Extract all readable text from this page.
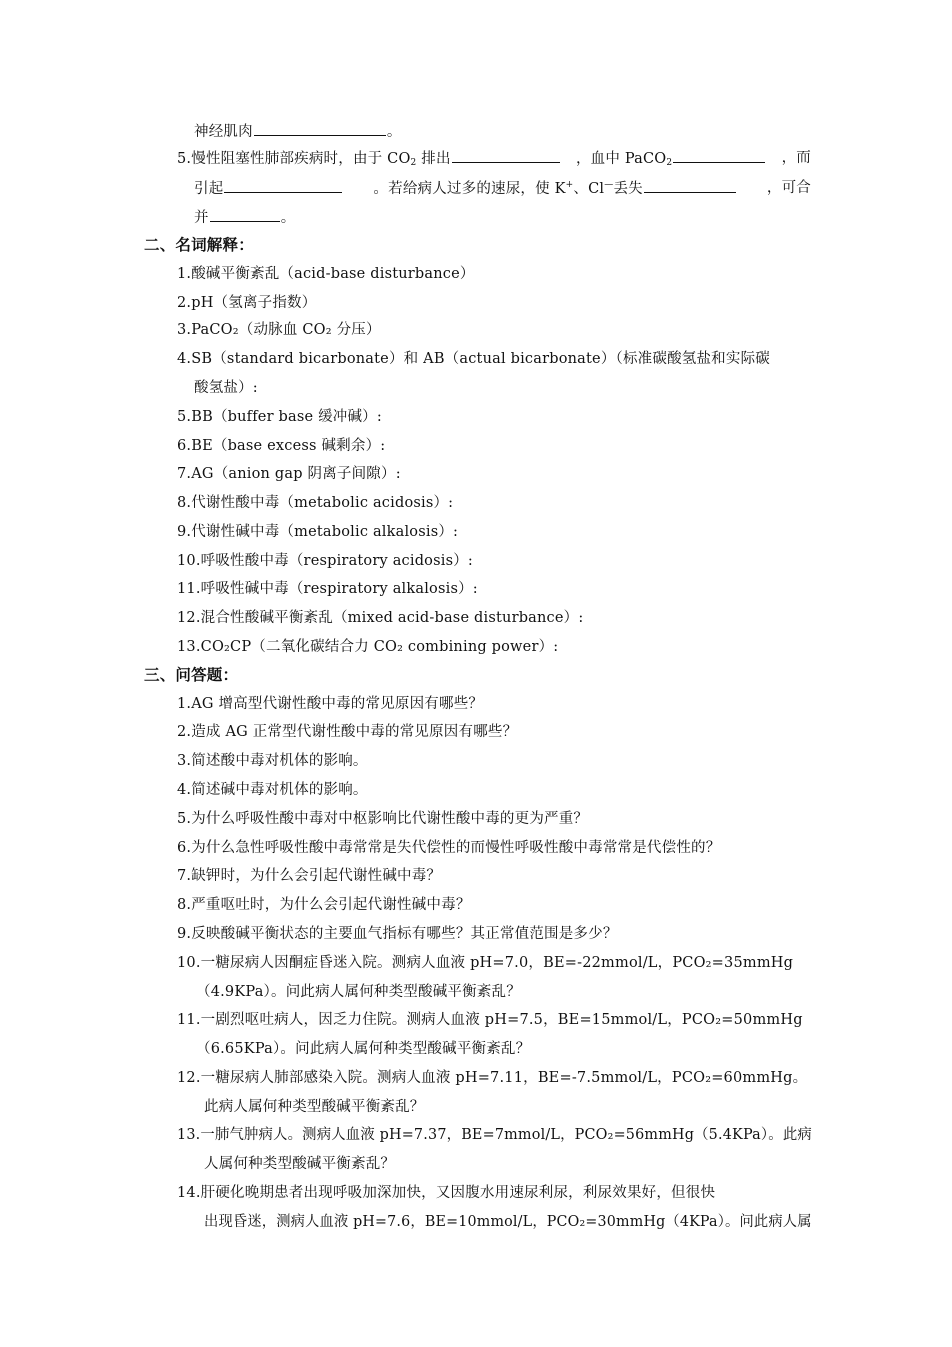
神经肌肉	。
5.慢性阻塞性肺部疾病时，由于 $CO_2$ 排出	，血中 PaCO$_2$	，而
引起	。若给病人过多的速尿，使 K+、Cl—丢失	，可合
并	。
二、名词解释：
1.酸碱平衡紊乱（acid-base disturbance）
2.pH（氢离子指数）
3.PaCO₂（动脉血 CO₂ 分压）
4.SB（standard bicarbonate）和 AB（actual bicarbonate）（标准碳酸氢盐和实际碳
酸氢盐）:
5.BB（buffer base 缓冲碱）:
6.BE（base excess 碱剩余）:
7.AG（anion gap 阴离子间隙）:
8.代谢性酸中毒（metabolic acidosis）:
9.代谢性碱中毒（metabolic alkalosis）:
10.呼吸性酸中毒（respiratory acidosis）:
11.呼吸性碱中毒（respiratory alkalosis）:
12.混合性酸碱平衡紊乱（mixed acid-base disturbance）:
13.CO₂CP（二氧化碳结合力 CO₂ combining power）:
三、问答题：
1.AG 增高型代谢性酸中毒的常见原因有哪些？
2.造成 AG 正常型代谢性酸中毒的常见原因有哪些？
3.简述酸中毒对机体的影响。
4.简述碱中毒对机体的影响。
5.为什么呼吸性酸中毒对中枢影响比代谢性酸中毒的更为严重？
6.为什么急性呼吸性酸中毒常常是失代偿性的而慢性呼吸性酸中毒常常是代偿性的？
7.缺钾时，为什么会引起代谢性碱中毒？
8.严重呕吐时，为什么会引起代谢性碱中毒？
9.反映酸碱平衡状态的主要血气指标有哪些？其正常值范围是多少？
10.一糖尿病人因酮症昏迷入院。测病人血液 pH=7.0，BE=-22mmol/L，PCO₂=35mmHg
（4.9KPa）。问此病人属何种类型酸碱平衡紊乱？
11.一剧烈呕吐病人，因乏力住院。测病人血液 pH=7.5，BE=15mmol/L，PCO₂=50mmHg
（6.65KPa）。问此病人属何种类型酸碱平衡紊乱？
12.一糖尿病人肺部感染入院。测病人血液 pH=7.11，BE=-7.5mmol/L，PCO₂=60mmHg。
此病人属何种类型酸碱平衡紊乱？
13.一肺气肿病人。测病人血液 pH=7.37，BE=7mmol/L，PCO₂=56mmHg（5.4KPa）。此病
人属何种类型酸碱平衡紊乱？
14.肝硬化晚期患者出现呼吸加深加快，又因腹水用速尿利尿，利尿效果好，但很快
出现昏迷，测病人血液 pH=7.6，BE=10mmol/L，PCO₂=30mmHg（4KPa）。问此病人属
